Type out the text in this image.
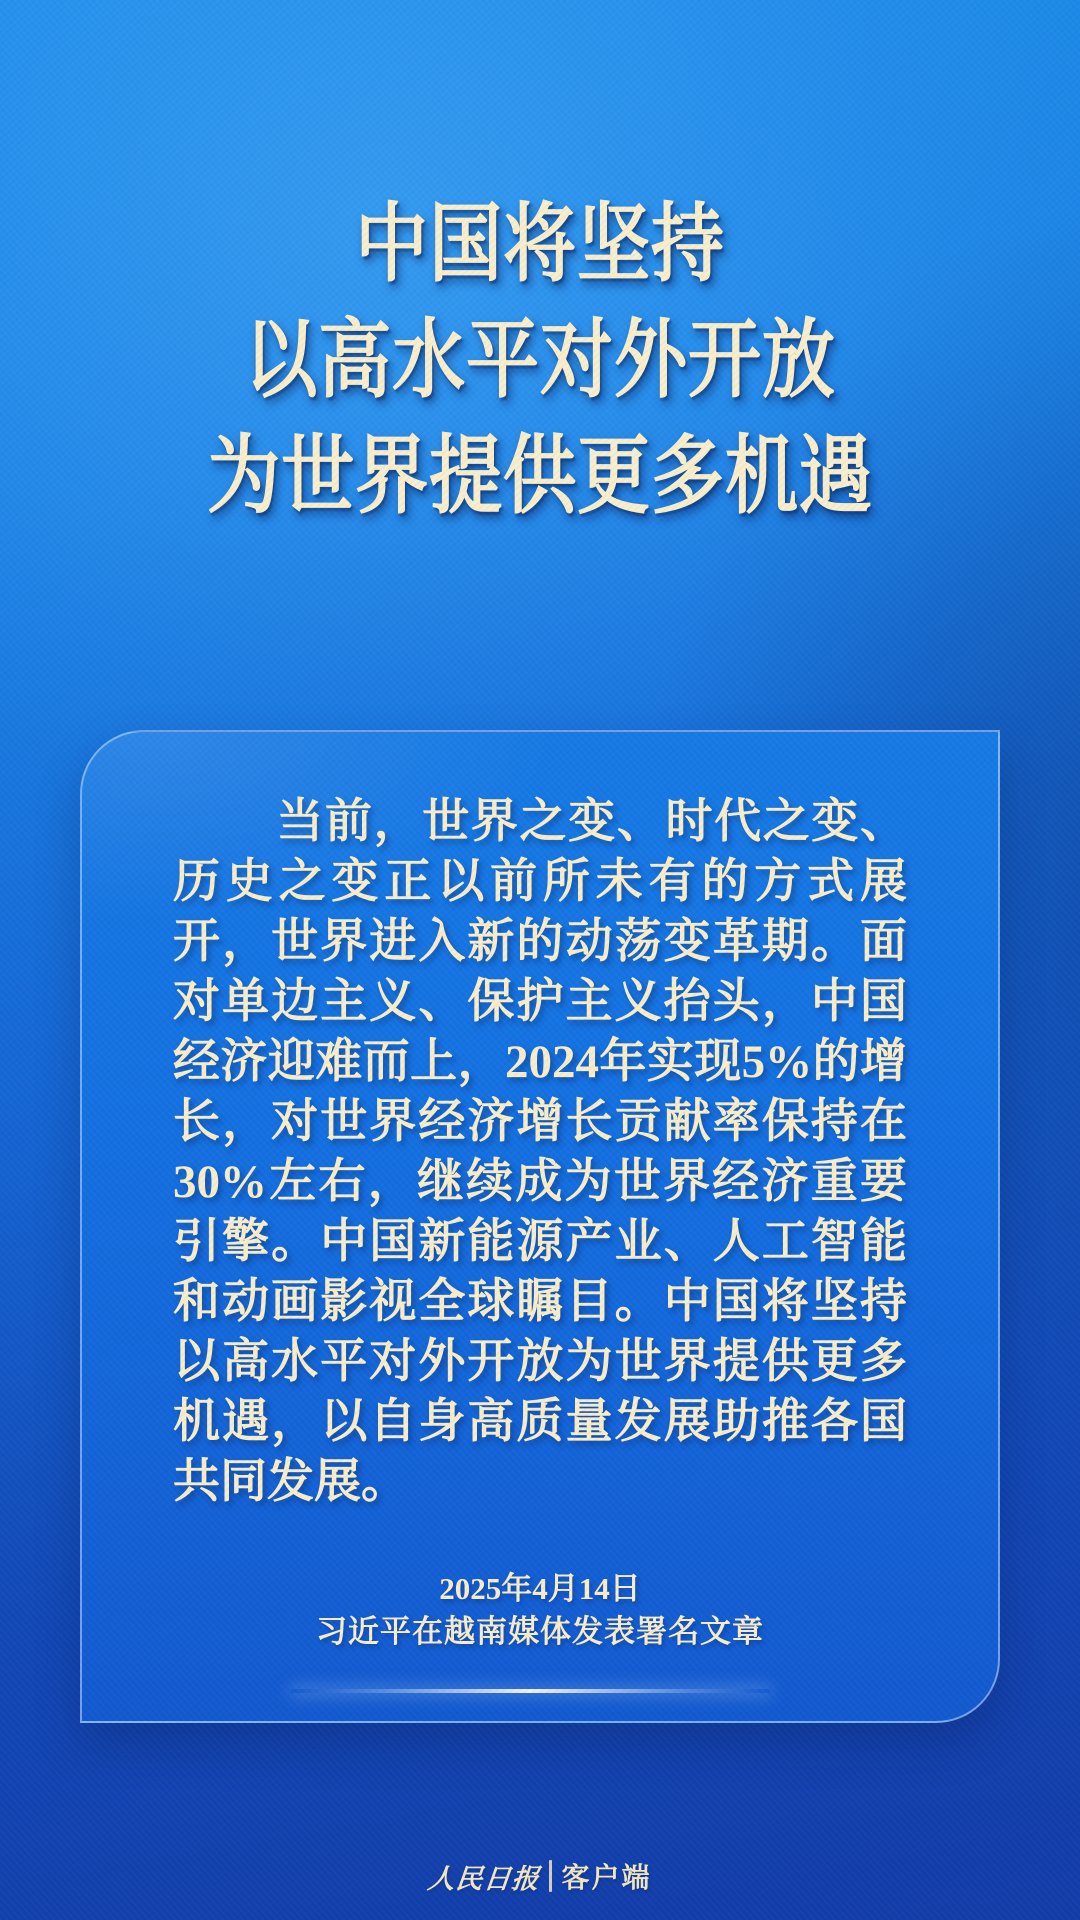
中国将坚持
以高水平对外开放
为世界提供更多机遇

当前，世界之变、时代之变、历史之变正以前所未有的方式展开，世界进入新的动荡变革期。面对单边主义、保护主义抬头，中国经济迎难而上，2024年实现5%的增长，对世界经济增长贡献率保持在30%左右，继续成为世界经济重要引擎。中国新能源产业、人工智能和动画影视全球瞩目。中国将坚持以高水平对外开放为世界提供更多机遇，以自身高质量发展助推各国共同发展。

2025年4月14日
习近平在越南媒体发表署名文章
人民日报 客户端
